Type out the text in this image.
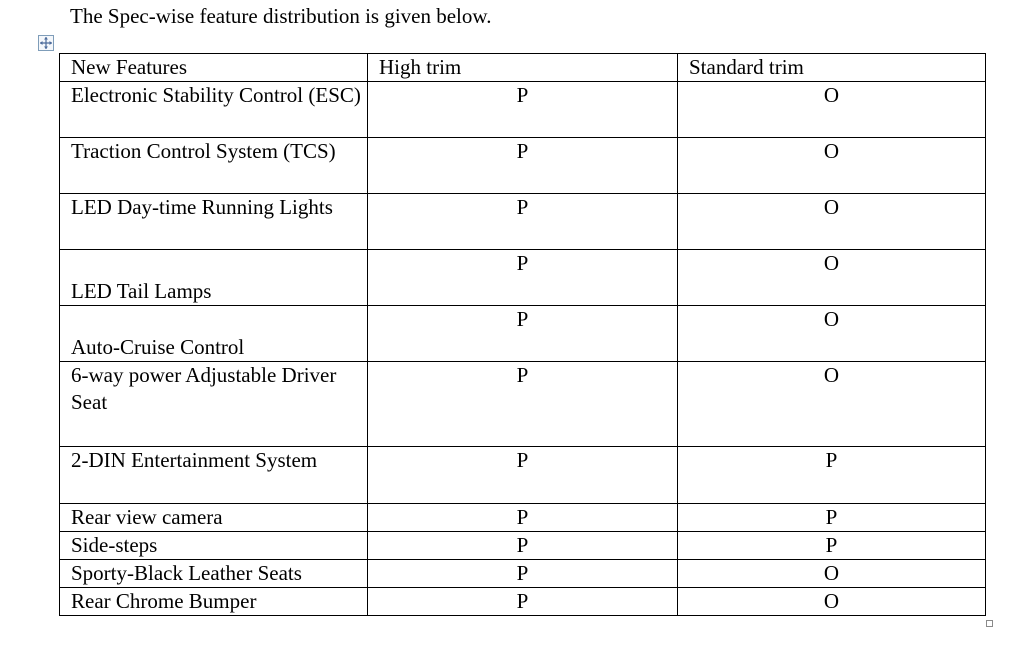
The Spec-wise feature distribution is given below.
New Features	High trim	Standard trim
Electronic Stability Control (ESC)	P	O
Traction Control System (TCS)	P	O
LED Day-time Running Lights	P	O

LED Tail Lamps	P	O

Auto-Cruise Control	P	O
6-way power Adjustable Driver Seat	P	O
2-DIN Entertainment System	P	P
Rear view camera	P	P
Side-steps	P	P
Sporty-Black Leather Seats	P	O
Rear Chrome Bumper	P	O
